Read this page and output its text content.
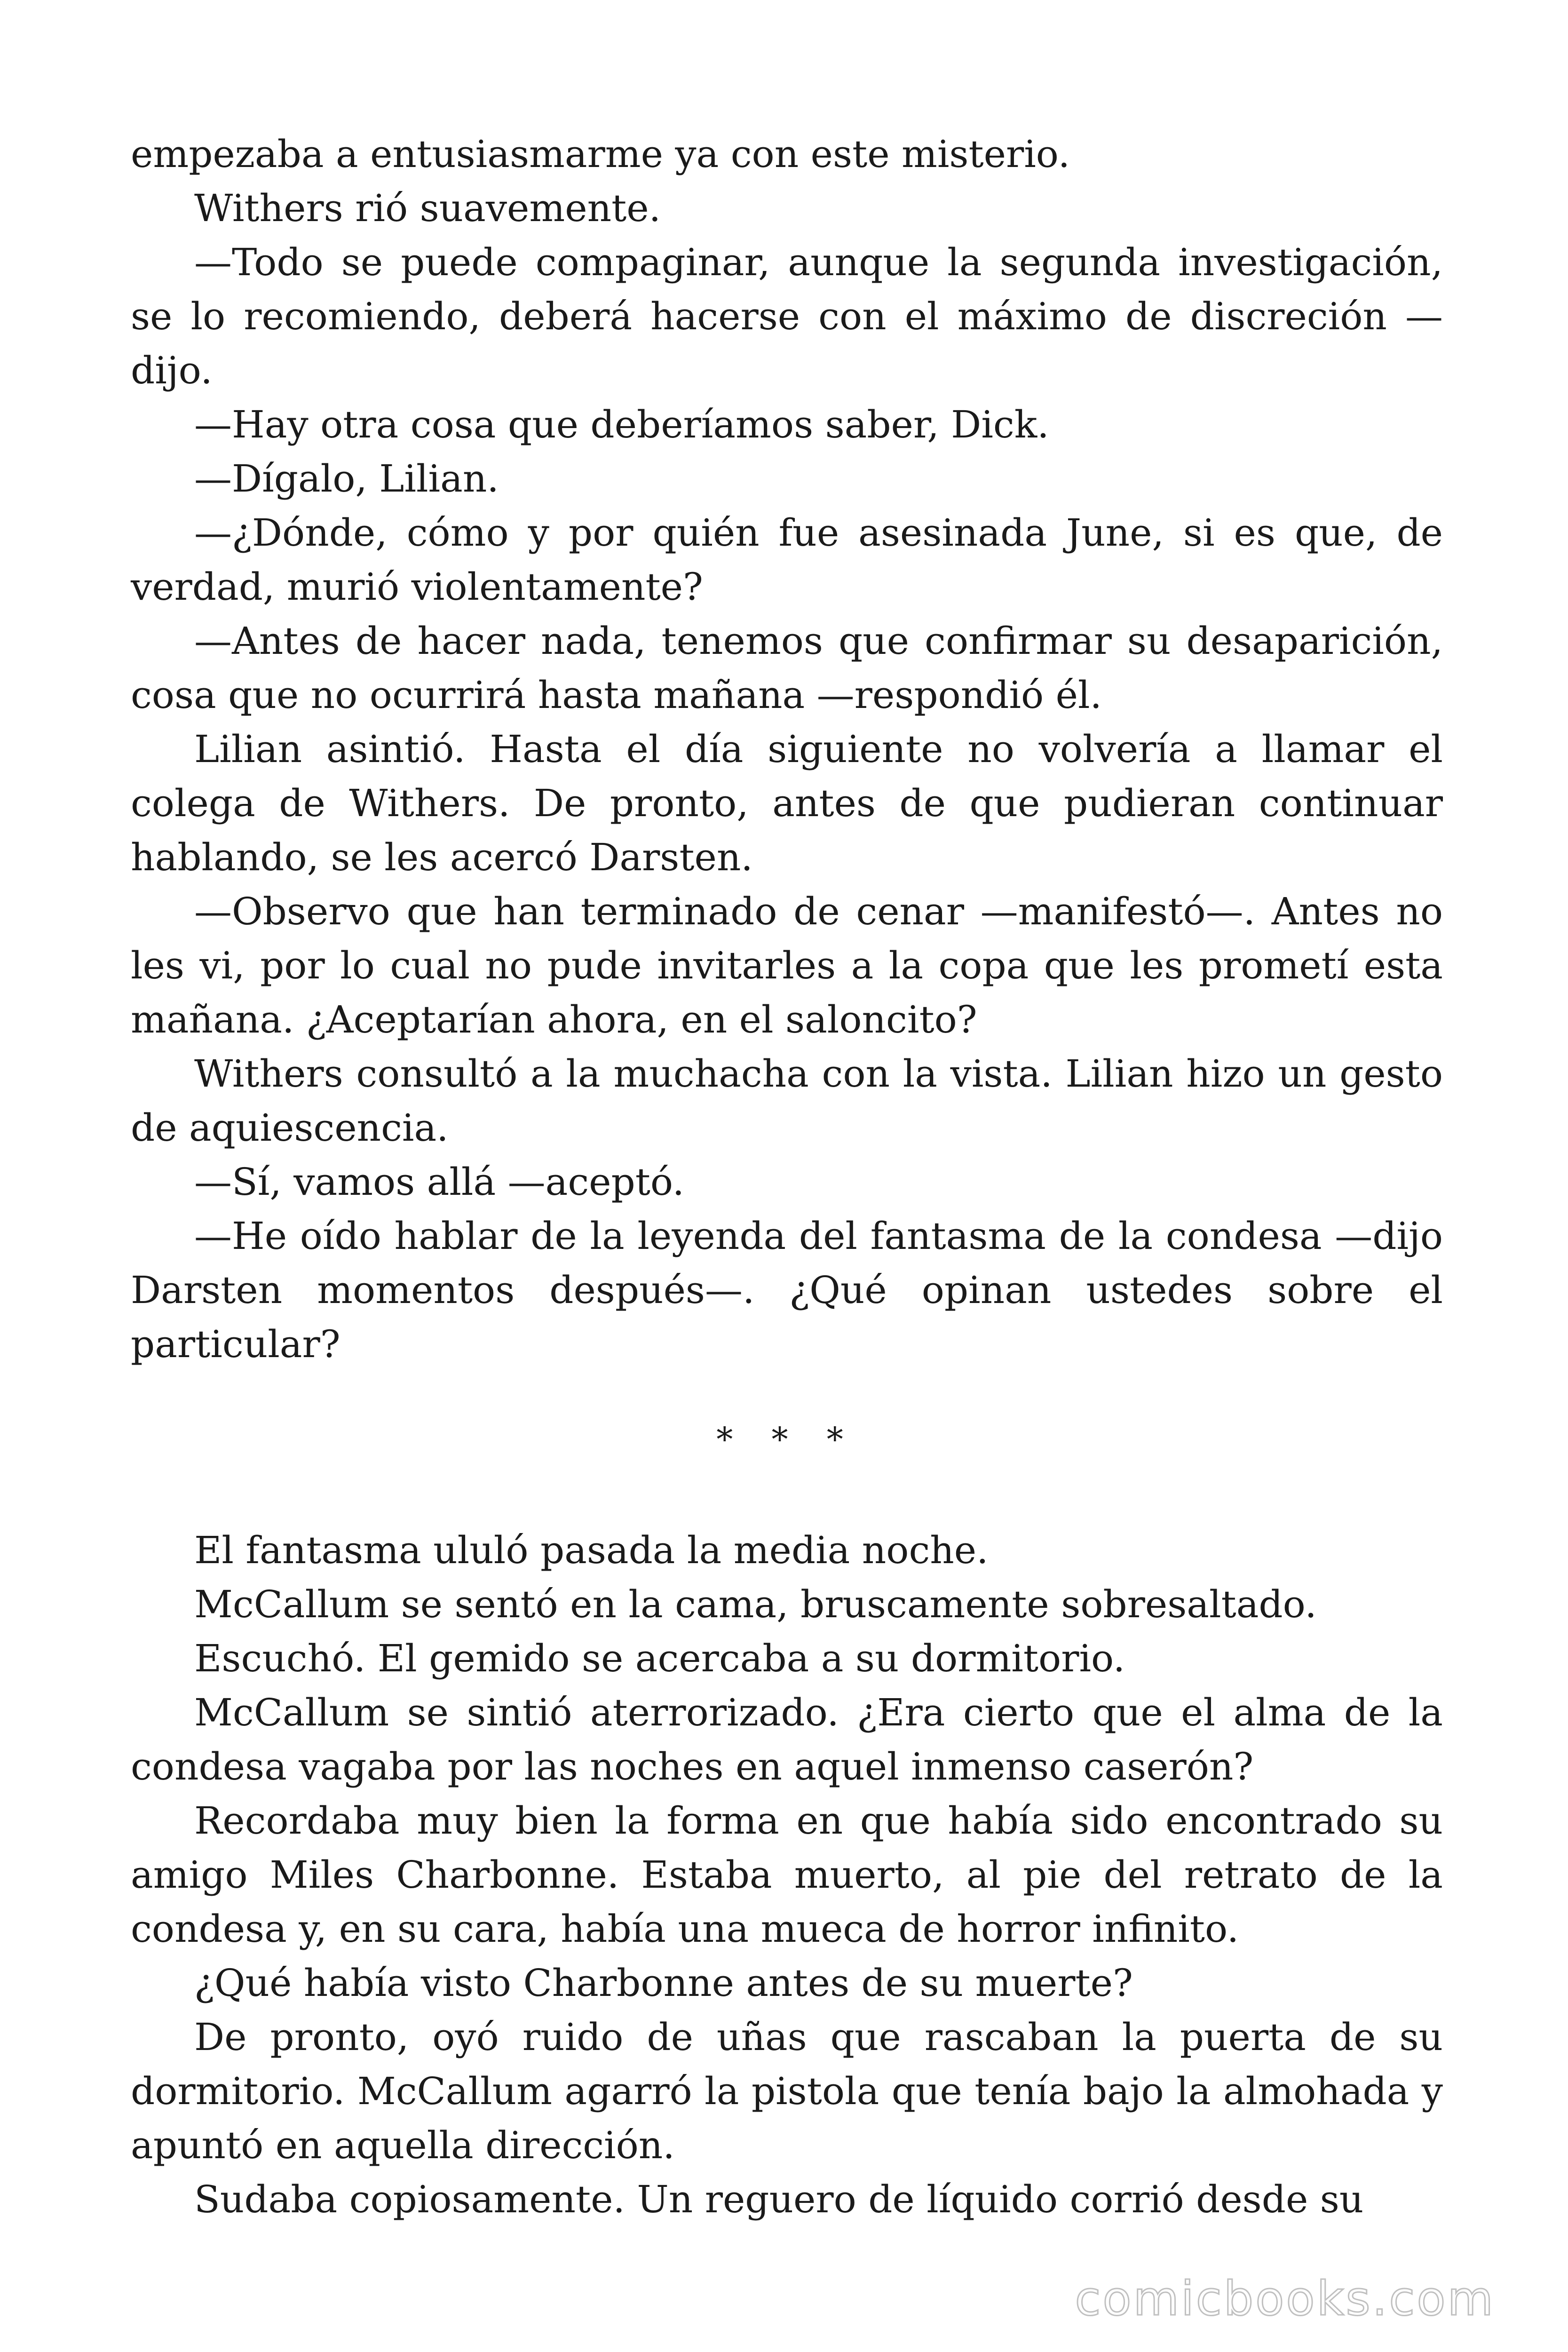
empezaba a entusiasmarme ya con este misterio.

Withers rió suavemente.

—Todo se puede compaginar, aunque la segunda investigación, se lo recomiendo, deberá hacerse con el máximo de discreción —dijo.

—Hay otra cosa que deberíamos saber, Dick.

—Dígalo, Lilian.

—¿Dónde, cómo y por quién fue asesinada June, si es que, de verdad, murió violentamente?

—Antes de hacer nada, tenemos que confirmar su desaparición, cosa que no ocurrirá hasta mañana —respondió él.

Lilian asintió. Hasta el día siguiente no volvería a llamar el colega de Withers. De pronto, antes de que pudieran continuar hablando, se les acercó Darsten.

—Observo que han terminado de cenar —manifestó—. Antes no les vi, por lo cual no pude invitarles a la copa que les prometí esta mañana. ¿Aceptarían ahora, en el saloncito?

Withers consultó a la muchacha con la vista. Lilian hizo un gesto de aquiescencia.

—Sí, vamos allá —aceptó.

—He oído hablar de la leyenda del fantasma de la condesa —dijo Darsten momentos después—. ¿Qué opinan ustedes sobre el particular?

* * *

El fantasma ululó pasada la media noche.

McCallum se sentó en la cama, bruscamente sobresaltado.

Escuchó. El gemido se acercaba a su dormitorio.

McCallum se sintió aterrorizado. ¿Era cierto que el alma de la condesa vagaba por las noches en aquel inmenso caserón?

Recordaba muy bien la forma en que había sido encontrado su amigo Miles Charbonne. Estaba muerto, al pie del retrato de la condesa y, en su cara, había una mueca de horror infinito.

¿Qué había visto Charbonne antes de su muerte?

De pronto, oyó ruido de uñas que rascaban la puerta de su dormitorio. McCallum agarró la pistola que tenía bajo la almohada y apuntó en aquella dirección.

Sudaba copiosamente. Un reguero de líquido corrió desde su

comicbooks.com
